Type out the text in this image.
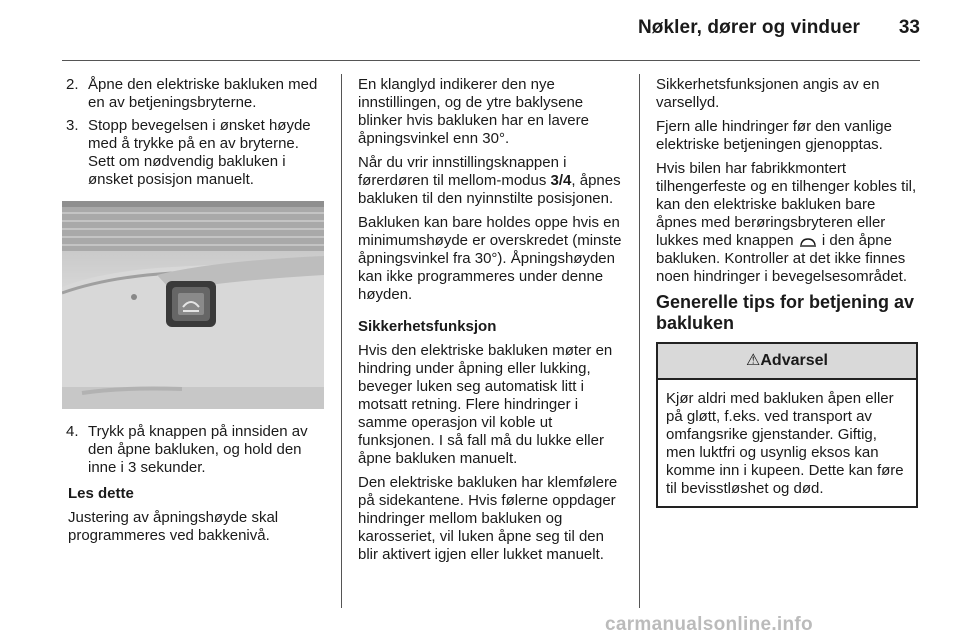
Nøkler, dører og vinduer	33
2. Åpne den elektriske bakluken med en av betjeningsbryterne.
3. Stopp bevegelsen i ønsket høyde med å trykke på en av bryterne. Sett om nødvendig bakluken i ønsket posisjon manuelt.
4. Trykk på knappen på innsiden av den åpne bakluken, og hold den inne i 3 sekunder.

Les dette

Justering av åpningshøyde skal programmeres ved bakkenivå.

En klanglyd indikerer den nye innstillingen, og de ytre baklysene blinker hvis bakluken har en lavere åpningsvinkel enn 30°.

Når du vrir innstillingsknappen i førerdøren til mellom-modus 3/4, åpnes bakluken til den nyinnstilte posisjonen.

Bakluken kan bare holdes oppe hvis en minimumshøyde er overskredet (minste åpningsvinkel fra 30°). Åpningshøyden kan ikke programmeres under denne høyden.

Sikkerhetsfunksjon

Hvis den elektriske bakluken møter en hindring under åpning eller lukking, beveger luken seg automatisk litt i motsatt retning. Flere hindringer i samme operasjon vil koble ut funksjonen. I så fall må du lukke eller åpne bakluken manuelt.

Den elektriske bakluken har klemfølere på sidekantene. Hvis følerne oppdager hindringer mellom bakluken og karosseriet, vil luken åpne seg til den blir aktivert igjen eller lukket manuelt.

Sikkerhetsfunksjonen angis av en varsellyd.

Fjern alle hindringer før den vanlige elektriske betjeningen gjenopptas.

Hvis bilen har fabrikkmontert tilhengerfeste og en tilhenger kobles til, kan den elektriske bakluken bare åpnes med berøringsbryteren eller lukkes med knappen  i den åpne bakluken. Kontroller at det ikke finnes noen hindringer i bevegelsesområdet.

Generelle tips for betjening av bakluken

⚠Advarsel
Kjør aldri med bakluken åpen eller på gløtt, f.eks. ved transport av omfangsrike gjenstander. Giftig, men luktfri og usynlig eksos kan komme inn i kupeen. Dette kan føre til bevisstløshet og død.
carmanualsonline.info
